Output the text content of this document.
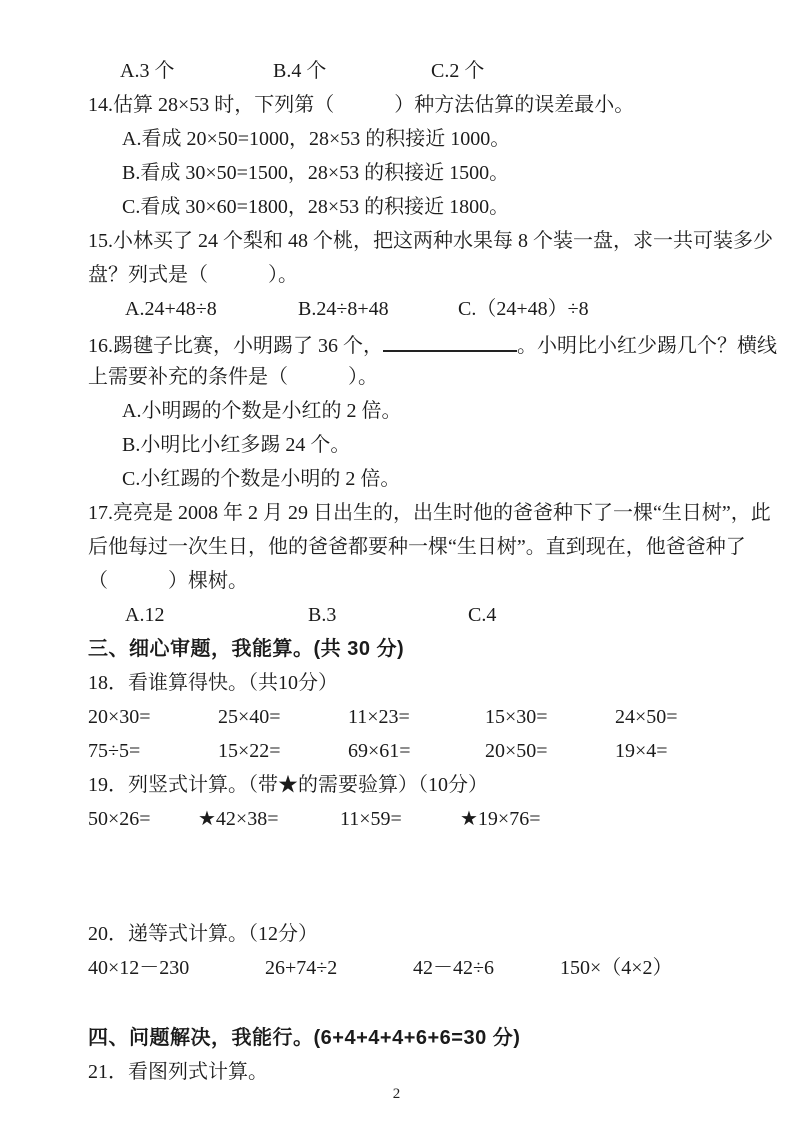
A.3 个	B.4 个	C.2 个
14.估算 28×53 时，下列第（　　　）种方法估算的误差最小。
A.看成 20×50=1000，28×53 的积接近 1000。
B.看成 30×50=1500，28×53 的积接近 1500。
C.看成 30×60=1800，28×53 的积接近 1800。
15.小林买了 24 个梨和 48 个桃，把这两种水果每 8 个装一盘，求一共可装多少
盘？列式是（　　　）。
A.24+48÷8	B.24÷8+48	C.（24+48）÷8
16.踢毽子比赛，小明踢了 36 个，	。小明比小红少踢几个？横线
上需要补充的条件是（　　　）。
A.小明踢的个数是小红的 2 倍。
B.小明比小红多踢 24 个。
C.小红踢的个数是小明的 2 倍。
17.亮亮是 2008 年 2 月 29 日出生的，出生时他的爸爸种下了一棵“生日树”，此
后他每过一次生日，他的爸爸都要种一棵“生日树”。直到现在，他爸爸种了
（　　　）棵树。
A.12	B.3	C.4
三、细心审题，我能算。(共 30 分)
18．看谁算得快。（共10分）
20×30=	25×40=	11×23=	15×30=	24×50=
75÷5=	15×22=	69×61=	20×50=	19×4=
19．列竖式计算。（带★的需要验算）（10分）
50×26= ★42×38=	11×59=	★19×76=
20．递等式计算。（12分）
40×12－230	26+74÷2	42－42÷6	150×（4×2）
四、问题解决，我能行。(6+4+4+4+6+6=30 分)
21．看图列式计算。
2
